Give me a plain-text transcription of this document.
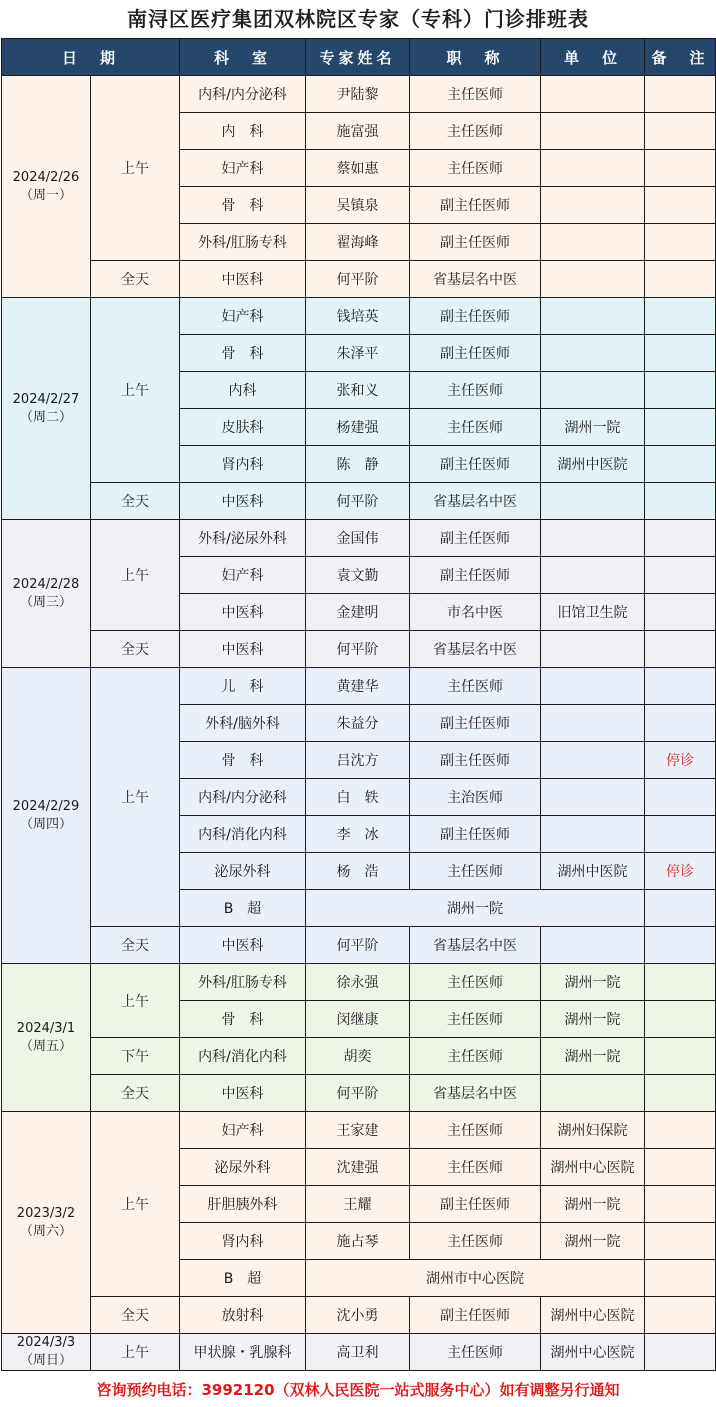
南浔区医疗集团双林院区专家（专科）门诊排班表
日　期		科　室	专家姓名	职　称	单　位	备　注

2024/2/26
（周一）	上午	内科/内分泌科	尹陆黎	主任医师		
		内　科	施富强	主任医师		
		妇产科	蔡如惠	主任医师		
		骨　科	吴镇泉	副主任医师		
		外科/肛肠专科	翟海峰	副主任医师		
	全天	中医科	何平阶	省基层名中医		

2024/2/27
（周二）	上午	妇产科	钱培英	副主任医师		
		骨　科	朱泽平	副主任医师		
		内科	张和义	主任医师		
		皮肤科	杨建强	主任医师	湖州一院	
		肾内科	陈　静	副主任医师	湖州中医院	
	全天	中医科	何平阶	省基层名中医		

2024/2/28
（周三）	上午	外科/泌尿外科	金国伟	副主任医师		
		妇产科	袁文勤	副主任医师		
		中医科	金建明	市名中医	旧馆卫生院	
	全天	中医科	何平阶	省基层名中医		

2024/2/29
（周四）	上午	儿　科	黄建华	主任医师		
		外科/脑外科	朱益分	副主任医师		
		骨　科	吕沈方	副主任医师		停诊
		内科/内分泌科	白　轶	主治医师		
		内科/消化内科	李　冰	副主任医师		
		泌尿外科	杨　浩	主任医师	湖州中医院	停诊
		B　超	湖州一院			
	全天	中医科	何平阶	省基层名中医		

2024/3/1
（周五）	上午	外科/肛肠专科	徐永强	主任医师	湖州一院	
		骨　科	闵继康	主任医师	湖州一院	
	下午	内科/消化内科	胡奕	主任医师	湖州一院	
	全天	中医科	何平阶	省基层名中医		

2023/3/2
（周六）	上午	妇产科	王家建	主任医师	湖州妇保院	
		泌尿外科	沈建强	主任医师	湖州中心医院	
		肝胆胰外科	王耀	副主任医师	湖州一院	
		肾内科	施占琴	主任医师	湖州一院	
		B　超	湖州市中心医院			
	全天	放射科	沈小勇	副主任医师	湖州中心医院	

2024/3/3
（周日）	上午	甲状腺・乳腺科	高卫利	主任医师	湖州中心医院	
咨询预约电话：3992120（双林人民医院一站式服务中心）如有调整另行通知
